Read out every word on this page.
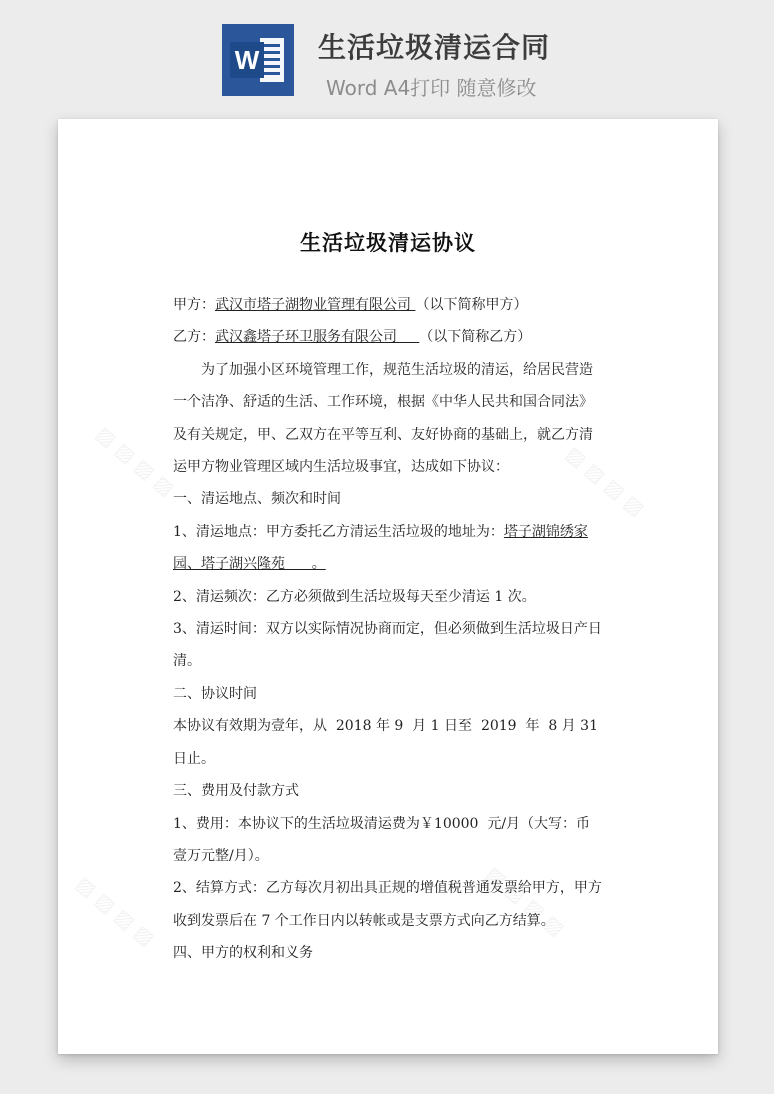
W 生活垃圾清运合同
Word A4打印 随意修改
▨ ▨ ▨ ▨	▨ ▨ ▨ ▨
▨ ▨ ▨ ▨	▨ ▨ ▨ ▨
生活垃圾清运协议

甲方：武汉市塔子湖物业管理有限公司 （以下简称甲方）

乙方：武汉鑫塔子环卫服务有限公司     （以下简称乙方）

为了加强小区环境管理工作，规范生活垃圾的清运，给居民营造一个洁净、舒适的生活、工作环境，根据《中华人民共和国合同法》及有关规定，甲、乙双方在平等互利、友好协商的基础上，就乙方清运甲方物业管理区域内生活垃圾事宜，达成如下协议：

一、清运地点、频次和时间

1、清运地点：甲方委托乙方清运生活垃圾的地址为：塔子湖锦绣家园、塔子湖兴隆苑      。

2、清运频次：乙方必须做到生活垃圾每天至少清运 1 次。

3、清运时间：双方以实际情况协商而定，但必须做到生活垃圾日产日清。

二、协议时间

本协议有效期为壹年，从  2018 年 9  月 1 日至  2019  年  8 月 31 日止。

三、费用及付款方式

1、费用：本协议下的生活垃圾清运费为￥10000  元/月（大写：币壹万元整/月）。

2、结算方式：乙方每次月初出具正规的增值税普通发票给甲方，甲方收到发票后在 7 个工作日内以转帐或是支票方式向乙方结算。

四、甲方的权利和义务
